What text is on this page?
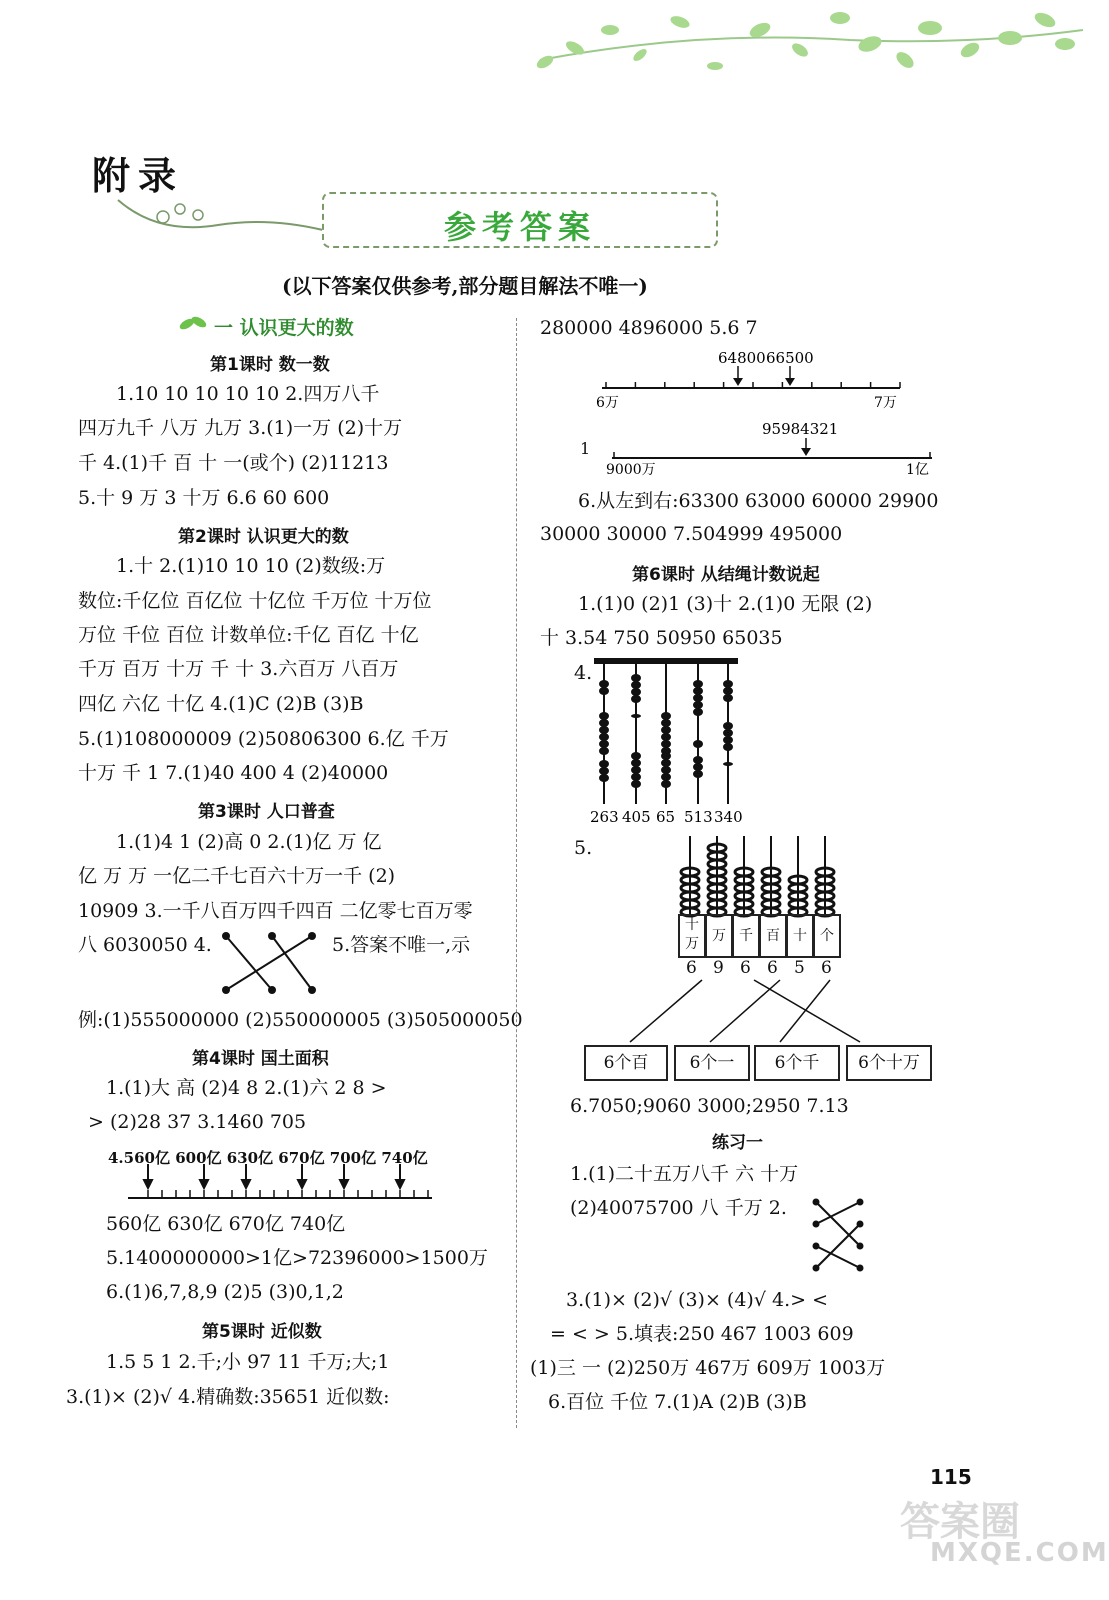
附录
参考答案
(以下答案仅供参考,部分题目解法不唯一)
一 认识更大的数
第1课时 数一数
1.10 10 10 10 10 2.四万八千
四万九千 八万 九万 3.(1)一万 (2)十万
千 4.(1)千 百 十 一(或个) (2)11213
5.十 9 万 3 十万 6.6 60 600
第2课时 认识更大的数
1.十 2.(1)10 10 10 (2)数级:万
数位:千亿位 百亿位 十亿位 千万位 十万位
万位 千位 百位 计数单位:千亿 百亿 十亿
千万 百万 十万 千 十 3.六百万 八百万
四亿 六亿 十亿 4.(1)C (2)B (3)B
5.(1)108000009 (2)50806300 6.亿 千万
十万 千 1 7.(1)40 400 4 (2)40000
第3课时 人口普查
1.(1)4 1 (2)高 0 2.(1)亿 万 亿
亿 万 万 一亿二千七百六十万一千 (2)
10909 3.一千八百万四千四百 二亿零七百万零
八 6030050 4.	5.答案不唯一,示
例:(1)555000000 (2)550000005 (3)505000050
第4课时 国土面积
1.(1)大 高 (2)4 8 2.(1)六 2 8 >
> (2)28 37 3.1460 705
4.560亿 600亿 630亿 670亿 700亿 740亿
560亿 630亿 670亿 740亿
5.1400000000>1亿>72396000>1500万
6.(1)6,7,8,9 (2)5 (3)0,1,2
第5课时 近似数
1.5 5 1 2.千;小 97 11 千万;大;1
3.(1)× (2)√ 4.精确数:35651 近似数:
280000 4896000 5.6 7
64800 66500
6万	7万
1
95984321
9000万	1亿
6.从左到右:63300 63000 60000 29900
30000 30000 7.504999 495000
第6课时 从结绳计数说起
1.(1)0 (2)1 (3)十 2.(1)0 无限 (2)
十 3.54 750 50950 65035
4.
263 405 65 513 340
5.
十万 万 千 百 十 个
6 9 6 6 5 6
6个百	6个一	6个千	6个十万
6.7050;9060 3000;2950 7.13
练习一
1.(1)二十五万八千 六 十万
(2)40075700 八 千万 2.
3.(1)× (2)√ (3)× (4)√ 4.> <
= < > 5.填表:250 467 1003 609
(1)三 一 (2)250万 467万 609万 1003万
6.百位 千位 7.(1)A (2)B (3)B
115
答案圈
MXQE.COM
